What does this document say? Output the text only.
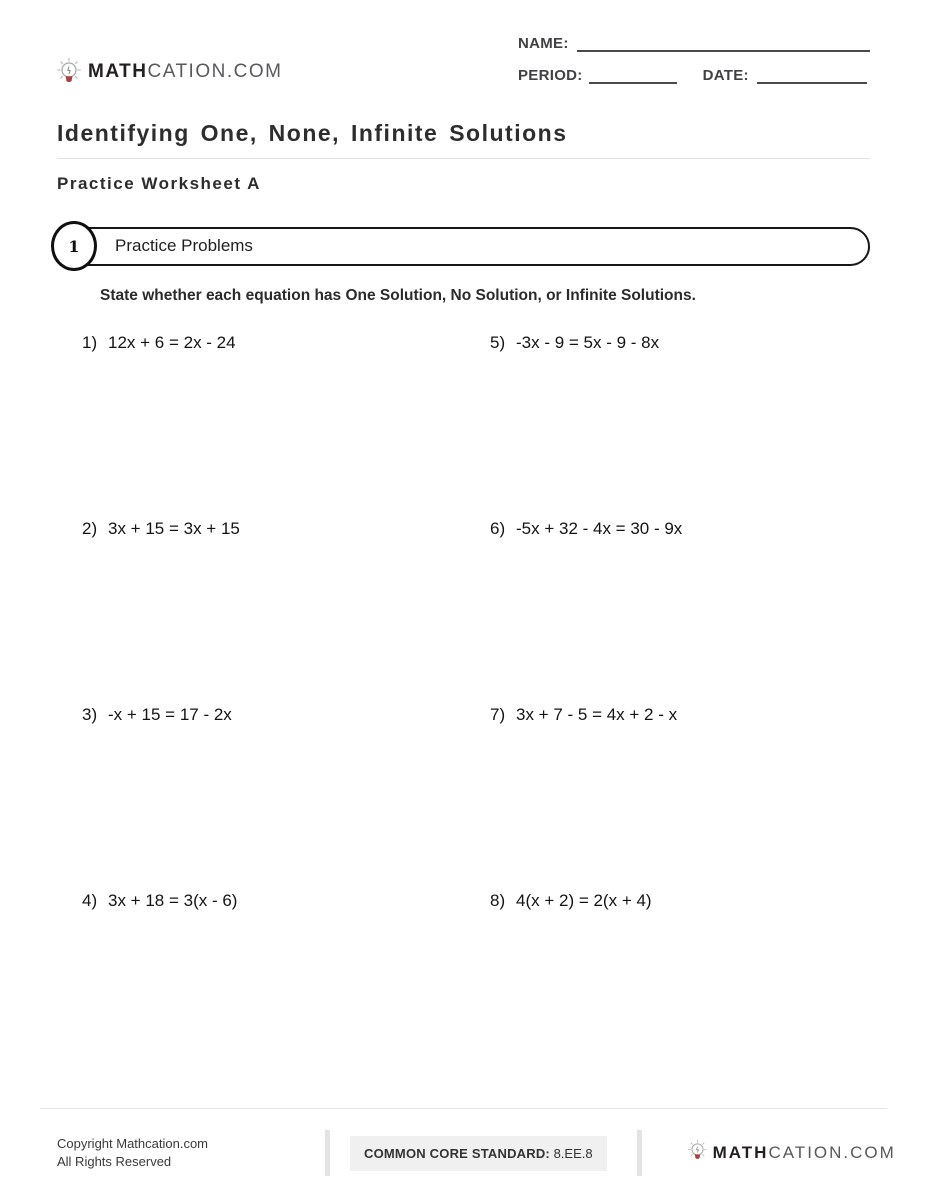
MATHCATION.COM
NAME:
PERIOD:	DATE:
Identifying One, None, Infinite Solutions
Practice Worksheet A
1	Practice Problems
State whether each equation has One Solution, No Solution, or Infinite Solutions.
1) 12x + 6 = 2x - 24	5) -3x - 9 = 5x - 9 - 8x
2) 3x + 15 = 3x + 15	6) -5x + 32 - 4x = 30 - 9x
3) -x + 15 = 17 - 2x	7) 3x + 7 - 5 = 4x + 2 - x
4) 3x + 18 = 3(x - 6)	8) 4(x + 2) = 2(x + 4)
Copyright Mathcation.com
All Rights Reserved
COMMON CORE STANDARD: 8.EE.8	MATHCATION.COM
